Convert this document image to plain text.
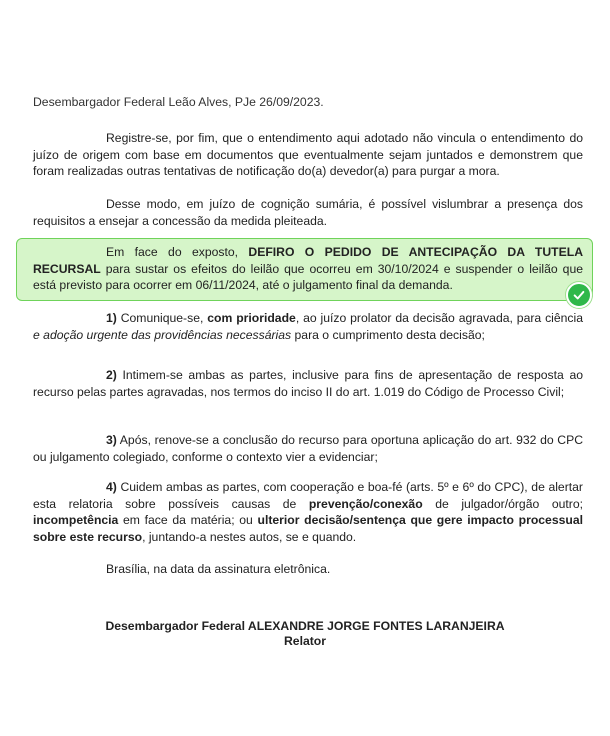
Desembargador Federal Leão Alves, PJe 26/09/2023.
Registre-se, por fim, que o entendimento aqui adotado não vincula o entendimento do juízo de origem com base em documentos que eventualmente sejam juntados e demonstrem que foram realizadas outras tentativas de notificação do(a) devedor(a) para purgar a mora.
Desse modo, em juízo de cognição sumária, é possível vislumbrar a presença dos requisitos a ensejar a concessão da medida pleiteada.
Em face do exposto, DEFIRO O PEDIDO DE ANTECIPAÇÃO DA TUTELA RECURSAL para sustar os efeitos do leilão que ocorreu em 30/10/2024 e suspender o leilão que está previsto para ocorrer em 06/11/2024, até o julgamento final da demanda.
1) Comunique-se, com prioridade, ao juízo prolator da decisão agravada, para ciência e adoção urgente das providências necessárias para o cumprimento desta decisão;
2) Intimem-se ambas as partes, inclusive para fins de apresentação de resposta ao recurso pelas partes agravadas, nos termos do inciso II do art. 1.019 do Código de Processo Civil;
3) Após, renove-se a conclusão do recurso para oportuna aplicação do art. 932 do CPC ou julgamento colegiado, conforme o contexto vier a evidenciar;
4) Cuidem ambas as partes, com cooperação e boa-fé (arts. 5º e 6º do CPC), de alertar esta relatoria sobre possíveis causas de prevenção/conexão de julgador/órgão outro; incompetência em face da matéria; ou ulterior decisão/sentença que gere impacto processual sobre este recurso, juntando-a nestes autos, se e quando.
Brasília, na data da assinatura eletrônica.
Desembargador Federal ALEXANDRE JORGE FONTES LARANJEIRA
Relator
